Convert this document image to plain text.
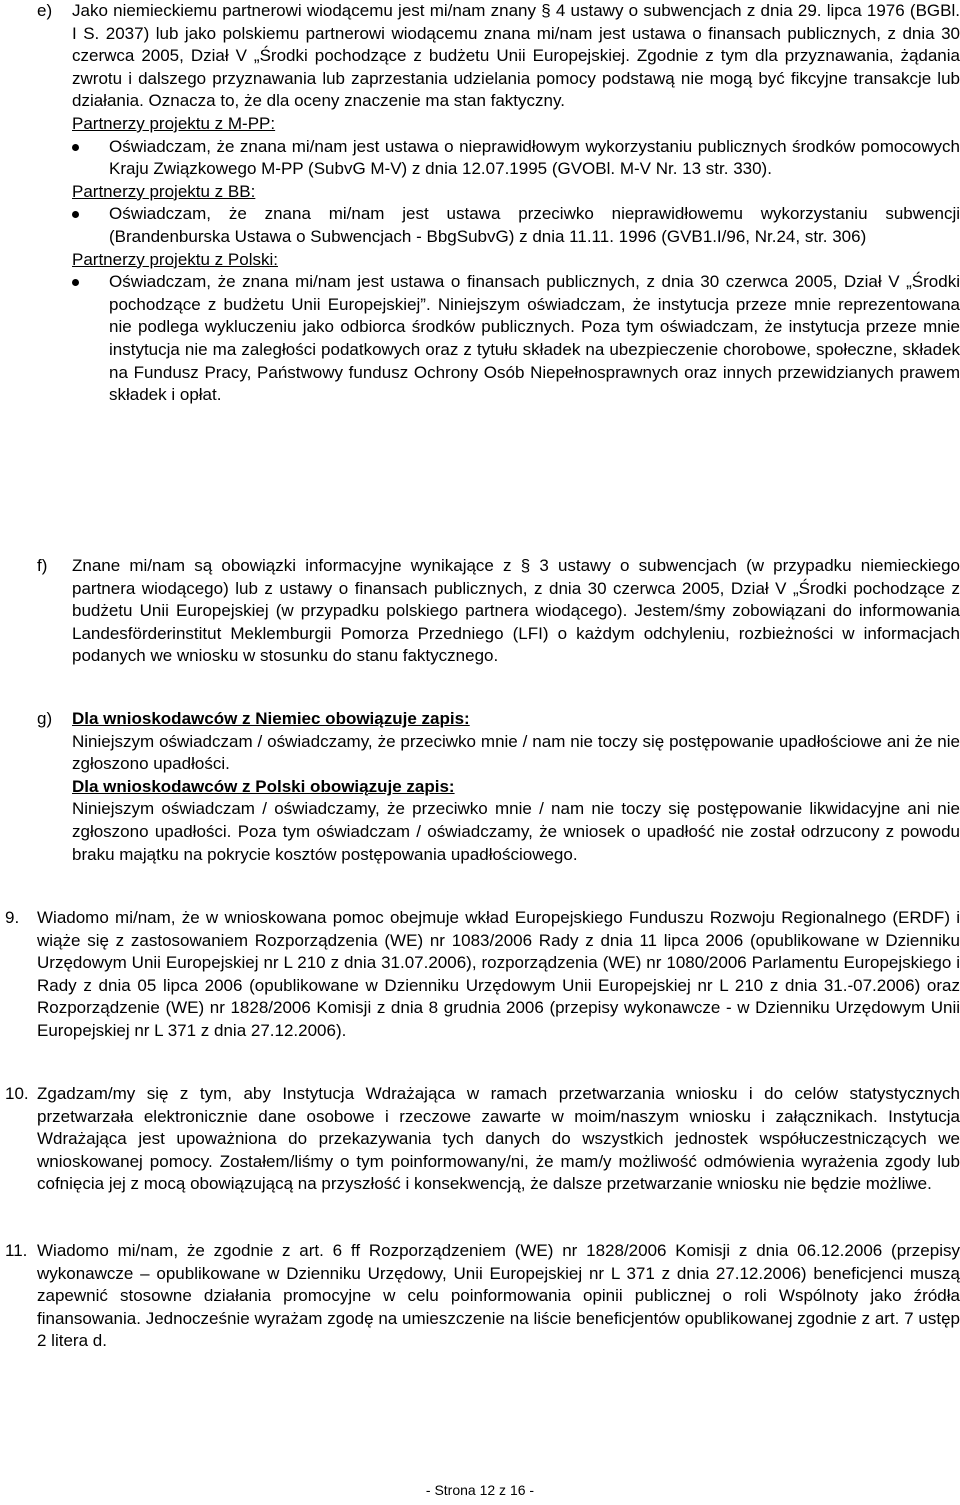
e) Jako niemieckiemu partnerowi wiodącemu jest mi/nam znany § 4 ustawy o subwencjach z dnia 29. lipca 1976 (BGBl. I S. 2037) lub jako polskiemu partnerowi wiodącemu znana mi/nam jest ustawa o finansach publicznych, z dnia 30 czerwca 2005, Dział V „Środki pochodzące z budżetu Unii Europejskiej. Zgodnie z tym dla przyznawania, żądania zwrotu i dalszego przyznawania lub zaprzestania udzielania pomocy podstawą nie mogą być fikcyjne transakcje lub działania. Oznacza to, że dla oceny znaczenie ma stan faktyczny.

Partnerzy projektu z M-PP:

Oświadczam, że znana mi/nam jest ustawa o nieprawidłowym wykorzystaniu publicznych środków pomocowych Kraju Związkowego M-PP (SubvG M-V) z dnia 12.07.1995 (GVOBl. M-V Nr. 13 str. 330).

Partnerzy projektu z BB:

Oświadczam, że znana mi/nam jest ustawa przeciwko nieprawidłowemu wykorzystaniu subwencji (Brandenburska Ustawa o Subwencjach - BbgSubvG) z dnia 11.11. 1996 (GVB1.I/96, Nr.24, str. 306)

Partnerzy projektu z Polski:

Oświadczam, że znana mi/nam jest ustawa o finansach publicznych, z dnia 30 czerwca 2005, Dział V „Środki pochodzące z budżetu Unii Europejskiej”. Niniejszym oświadczam, że instytucja przeze mnie reprezentowana nie podlega wykluczeniu jako odbiorca środków publicznych. Poza tym oświadczam, że instytucja przeze mnie instytucja nie ma zaległości podatkowych oraz z tytułu składek na ubezpieczenie chorobowe, społeczne, składek na Fundusz Pracy, Państwowy fundusz Ochrony Osób Niepełnosprawnych oraz innych przewidzianych prawem składek i opłat.
f) Znane mi/nam są obowiązki informacyjne wynikające z § 3 ustawy o subwencjach (w przypadku niemieckiego partnera wiodącego) lub z ustawy o finansach publicznych, z dnia 30 czerwca 2005, Dział V „Środki pochodzące z budżetu Unii Europejskiej (w przypadku polskiego partnera wiodącego). Jestem/śmy zobowiązani do informowania Landesförderinstitut Meklemburgii Pomorza Przedniego (LFI) o każdym odchyleniu, rozbieżności w informacjach podanych we wniosku w stosunku do stanu faktycznego.

g) Dla wnioskodawców z Niemiec obowiązuje zapis:

Niniejszym oświadczam / oświadczamy, że przeciwko mnie / nam nie toczy się postępowanie upadłościowe ani że nie zgłoszono upadłości.

Dla wnioskodawców z Polski obowiązuje zapis:

Niniejszym oświadczam / oświadczamy, że przeciwko mnie / nam nie toczy się postępowanie likwidacyjne ani nie zgłoszono upadłości. Poza tym oświadczam / oświadczamy, że wniosek o upadłość nie został odrzucony z powodu braku majątku na pokrycie kosztów postępowania upadłościowego.

9. Wiadomo mi/nam, że w wnioskowana pomoc obejmuje wkład Europejskiego Funduszu Rozwoju Regionalnego (ERDF) i wiąże się z zastosowaniem Rozporządzenia (WE) nr 1083/2006 Rady z dnia 11 lipca 2006 (opublikowane w Dzienniku Urzędowym Unii Europejskiej nr L 210 z dnia 31.07.2006), rozporządzenia (WE) nr 1080/2006 Parlamentu Europejskiego i Rady z dnia 05 lipca 2006 (opublikowane w Dzienniku Urzędowym Unii Europejskiej nr L 210 z dnia 31.-07.2006) oraz Rozporządzenie (WE) nr 1828/2006 Komisji z dnia 8 grudnia 2006 (przepisy wykonawcze - w Dzienniku Urzędowym Unii Europejskiej nr L 371 z dnia 27.12.2006).

10. Zgadzam/my się z tym, aby Instytucja Wdrażająca w ramach przetwarzania wniosku i do celów statystycznych przetwarzała elektronicznie dane osobowe i rzeczowe zawarte w moim/naszym wniosku i załącznikach. Instytucja Wdrażająca jest upoważniona do przekazywania tych danych do wszystkich jednostek współuczestniczących we wnioskowanej pomocy. Zostałem/liśmy o tym poinformowany/ni, że mam/y możliwość odmówienia wyrażenia zgody lub cofnięcia jej z mocą obowiązującą na przyszłość i konsekwencją, że dalsze przetwarzanie wniosku nie będzie możliwe.

11. Wiadomo mi/nam, że zgodnie z art. 6 ff Rozporządzeniem (WE) nr 1828/2006 Komisji z dnia 06.12.2006 (przepisy wykonawcze – opublikowane w Dzienniku Urzędowy, Unii Europejskiej nr L 371 z dnia 27.12.2006) beneficjenci muszą zapewnić stosowne działania promocyjne w celu poinformowania opinii publicznej o roli Wspólnoty jako źródła finansowania. Jednocześnie wyrażam zgodę na umieszczenie na liście beneficjentów opublikowanej zgodnie z art. 7 ustęp 2 litera d.

- Strona 12 z 16 -
